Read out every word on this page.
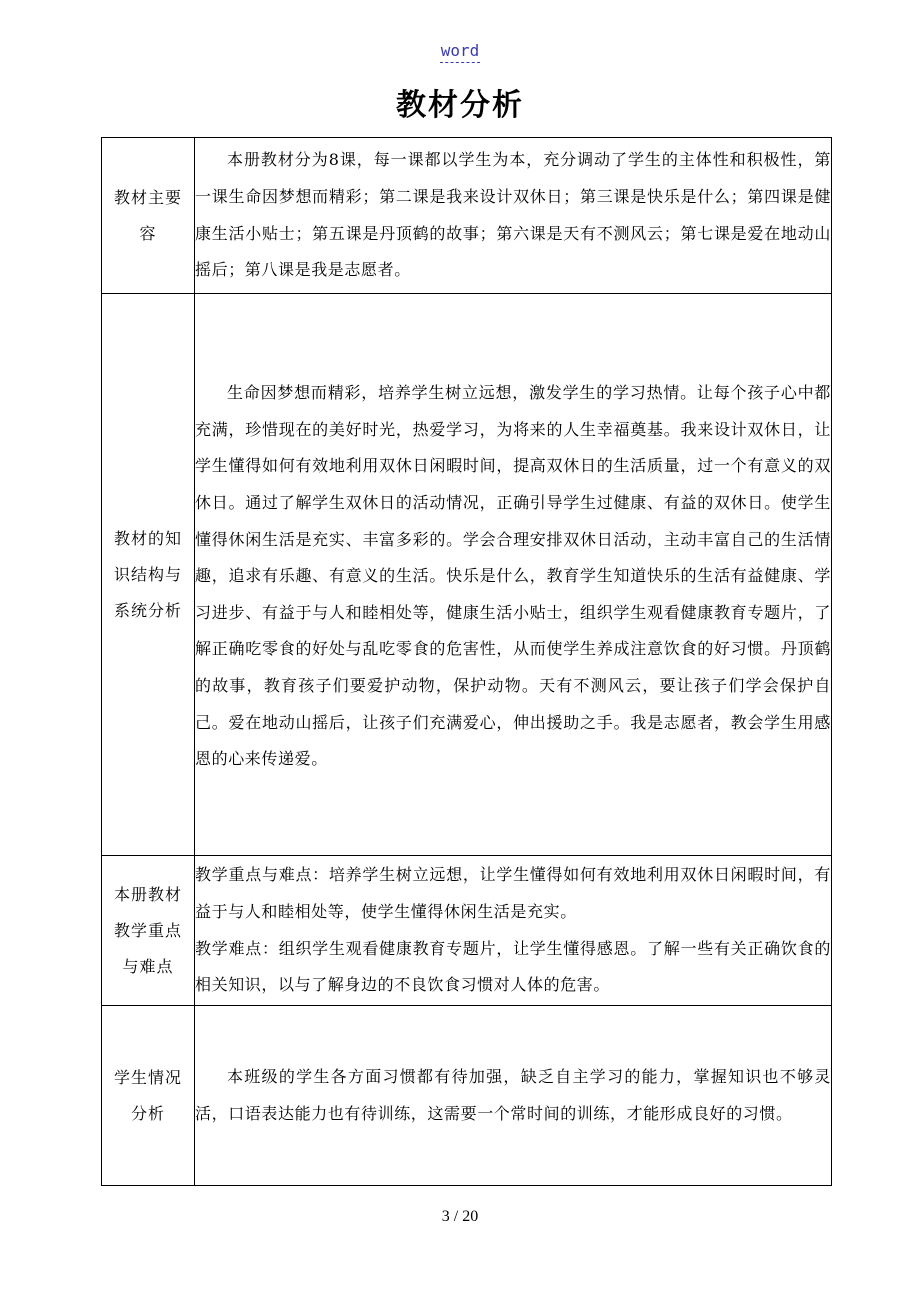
word
教材分析
教材主要容	本册教材分为8课，每一课都以学生为本，充分调动了学生的主体性和积极性，第一课生命因梦想而精彩；第二课是我来设计双休日；第三课是快乐是什么；第四课是健康生活小贴士；第五课是丹顶鹤的故事；第六课是天有不测风云；第七课是爱在地动山摇后；第八课是我是志愿者。

教材的知识结构与系统分析	生命因梦想而精彩，培养学生树立远想，激发学生的学习热情。让每个孩子心中都充满，珍惜现在的美好时光，热爱学习，为将来的人生幸福奠基。我来设计双休日，让学生懂得如何有效地利用双休日闲暇时间，提高双休日的生活质量，过一个有意义的双休日。通过了解学生双休日的活动情况，正确引导学生过健康、有益的双休日。使学生懂得休闲生活是充实、丰富多彩的。学会合理安排双休日活动，主动丰富自己的生活情趣，追求有乐趣、有意义的生活。快乐是什么，教育学生知道快乐的生活有益健康、学习进步、有益于与人和睦相处等，健康生活小贴士，组织学生观看健康教育专题片，了解正确吃零食的好处与乱吃零食的危害性，从而使学生养成注意饮食的好习惯。丹顶鹤的故事，教育孩子们要爱护动物，保护动物。天有不测风云，要让孩子们学会保护自己。爱在地动山摇后，让孩子们充满爱心，伸出援助之手。我是志愿者，教会学生用感恩的心来传递爱。

本册教材教学重点与难点	教学重点与难点：培养学生树立远想，让学生懂得如何有效地利用双休日闲暇时间，有益于与人和睦相处等，使学生懂得休闲生活是充实。
教学难点：组织学生观看健康教育专题片，让学生懂得感恩。了解一些有关正确饮食的相关知识，以与了解身边的不良饮食习惯对人体的危害。

学生情况分析	本班级的学生各方面习惯都有待加强，缺乏自主学习的能力，掌握知识也不够灵活，口语表达能力也有待训练，这需要一个常时间的训练，才能形成良好的习惯。
3 / 20
